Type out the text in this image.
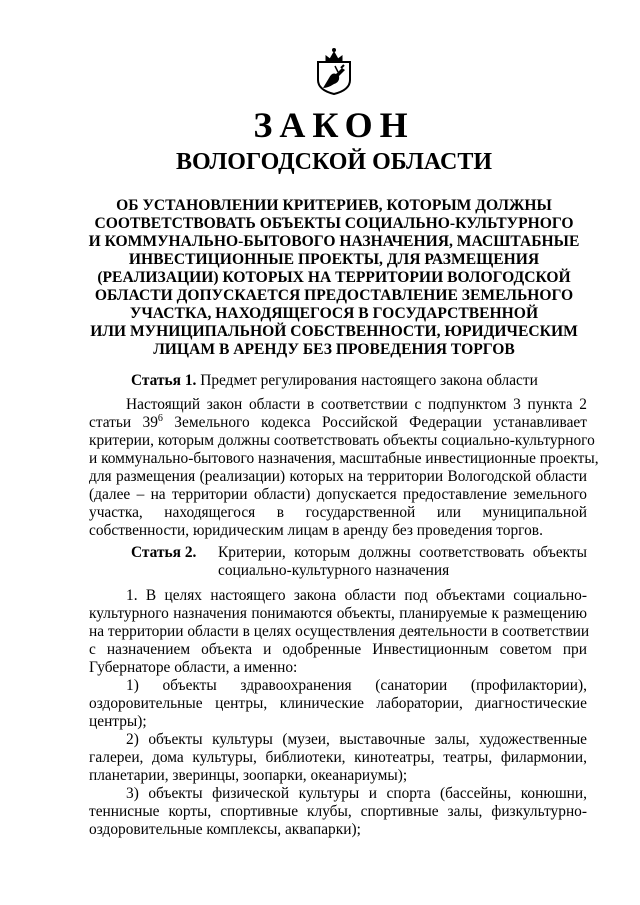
ЗАКОН

ВОЛОГОДСКОЙ ОБЛАСТИ

ОБ УСТАНОВЛЕНИИ КРИТЕРИЕВ, КОТОРЫМ ДОЛЖНЫ

СООТВЕТСТВОВАТЬ ОБЪЕКТЫ СОЦИАЛЬНО-КУЛЬТУРНОГО

И КОММУНАЛЬНО-БЫТОВОГО НАЗНАЧЕНИЯ, МАСШТАБНЫЕ

ИНВЕСТИЦИОННЫЕ ПРОЕКТЫ, ДЛЯ РАЗМЕЩЕНИЯ

(РЕАЛИЗАЦИИ) КОТОРЫХ НА ТЕРРИТОРИИ ВОЛОГОДСКОЙ

ОБЛАСТИ ДОПУСКАЕТСЯ ПРЕДОСТАВЛЕНИЕ ЗЕМЕЛЬНОГО

УЧАСТКА, НАХОДЯЩЕГОСЯ В ГОСУДАРСТВЕННОЙ

ИЛИ МУНИЦИПАЛЬНОЙ СОБСТВЕННОСТИ, ЮРИДИЧЕСКИМ

ЛИЦАМ В АРЕНДУ БЕЗ ПРОВЕДЕНИЯ ТОРГОВ

Статья 1. Предмет регулирования настоящего закона области

Настоящий закон области в соответствии с подпунктом 3 пункта 2

статьи $39^6$ Земельного кодекса Российской Федерации устанавливает

критерии, которым должны соответствовать объекты социально-культурного

и коммунально-бытового назначения, масштабные инвестиционные проекты,

для размещения (реализации) которых на территории Вологодской области

(далее – на территории области) допускается предоставление земельного

участка, находящегося в государственной или муниципальной

собственности, юридическим лицам в аренду без проведения торгов.

Статья 2. Критерии, которым должны соответствовать объекты

социально-культурного назначения

1. В целях настоящего закона области под объектами социально-

культурного назначения понимаются объекты, планируемые к размещению

на территории области в целях осуществления деятельности в соответствии

с назначением объекта и одобренные Инвестиционным советом при

Губернаторе области, а именно:

1) объекты здравоохранения (санатории (профилактории),

оздоровительные центры, клинические лаборатории, диагностические

центры);

2) объекты культуры (музеи, выставочные залы, художественные

галереи, дома культуры, библиотеки, кинотеатры, театры, филармонии,

планетарии, зверинцы, зоопарки, океанариумы);

3) объекты физической культуры и спорта (бассейны, конюшни,

теннисные корты, спортивные клубы, спортивные залы, физкультурно-

оздоровительные комплексы, аквапарки);
